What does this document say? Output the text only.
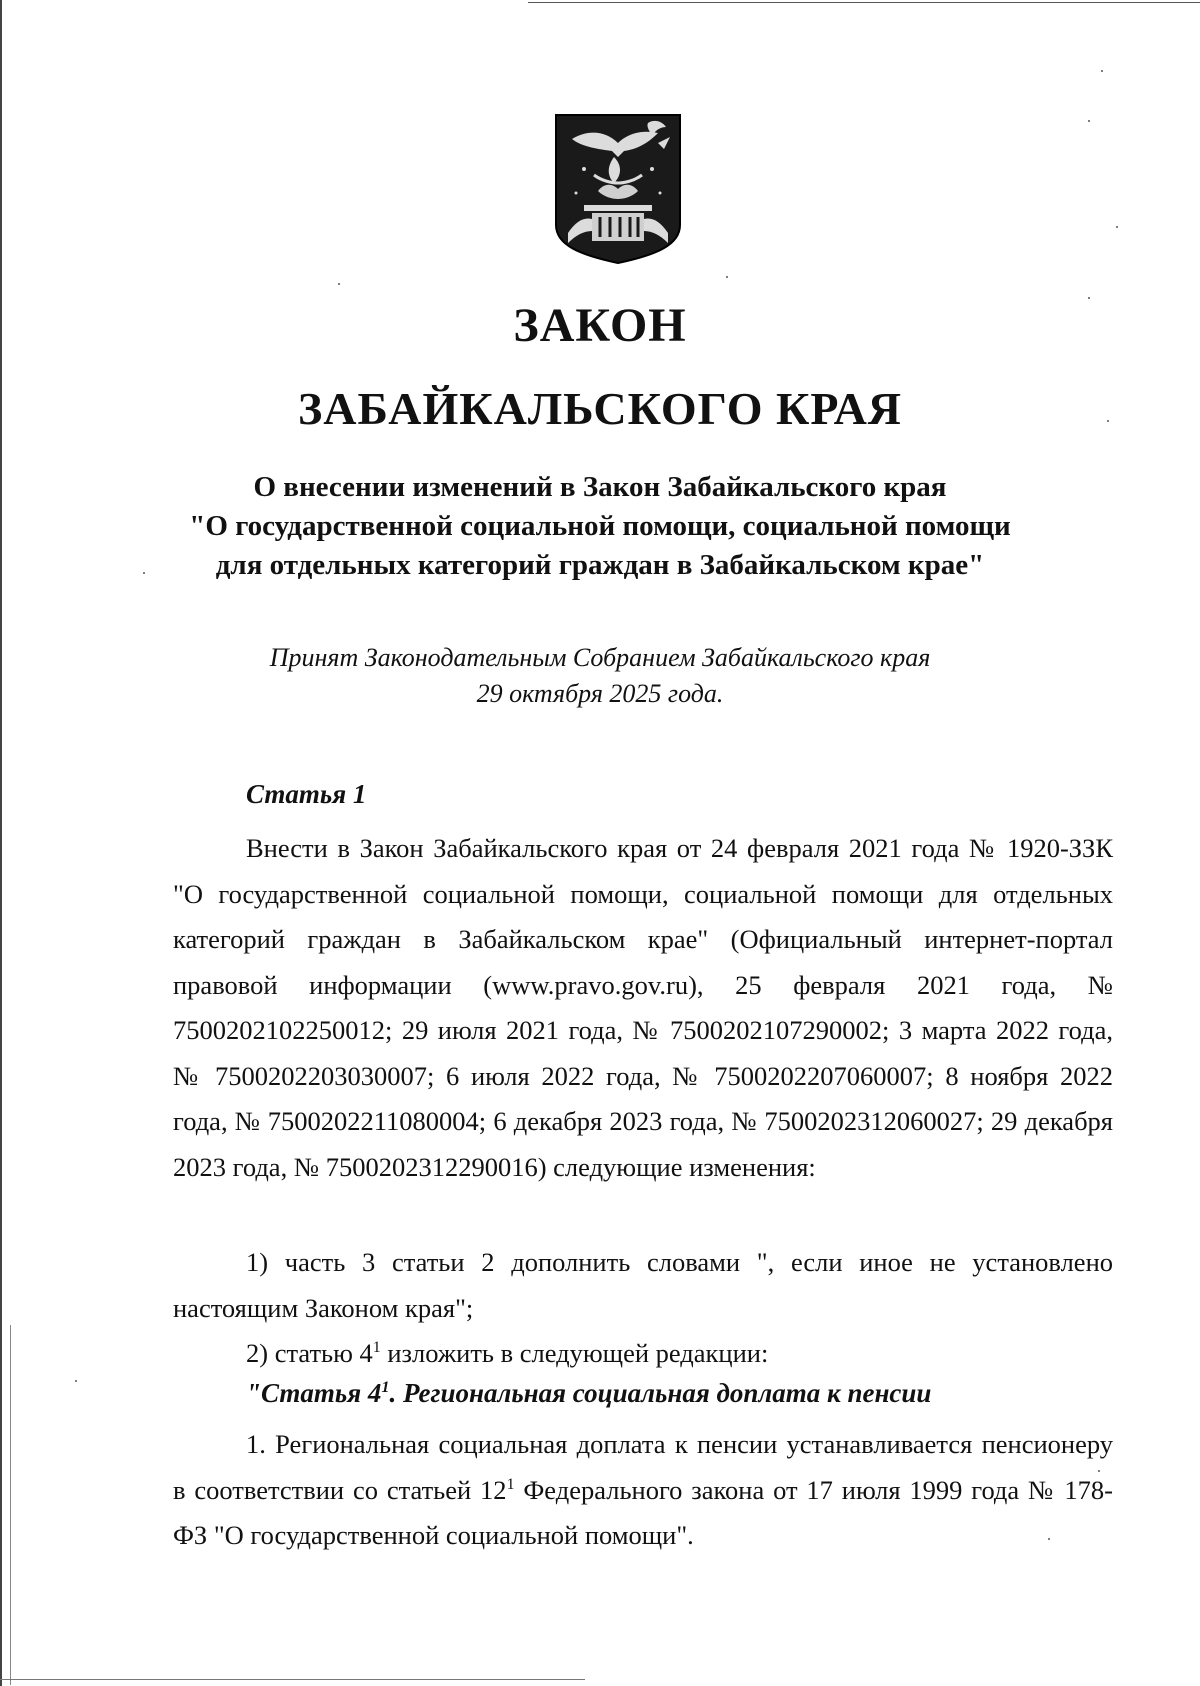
ЗАКОН
ЗАБАЙКАЛЬСКОГО КРАЯ
О внесении изменений в Закон Забайкальского края
"О государственной социальной помощи, социальной помощи
для отдельных категорий граждан в Забайкальском крае"
Принят Законодательным Собранием Забайкальского края
29 октября 2025 года.
Статья 1

Внести в Закон Забайкальского края от 24 февраля 2021 года № 1920-ЗЗК "О государственной социальной помощи, социальной помощи для отдельных категорий граждан в Забайкальском крае" (Официальный интернет-портал правовой информации (www.pravo.gov.ru), 25 февраля 2021 года, № 7500202102250012; 29 июля 2021 года, № 7500202107290002; 3 марта 2022 года, № 7500202203030007; 6 июля 2022 года, № 7500202207060007; 8 ноября 2022 года, № 7500202211080004; 6 декабря 2023 года, № 7500202312060027; 29 декабря 2023 года, № 7500202312290016) следующие изменения:

1) часть 3 статьи 2 дополнить словами ", если иное не установлено настоящим Законом края";

2) статью $4^1$ изложить в следующей редакции:

"Статья $4^1$. Региональная социальная доплата к пенсии

1. Региональная социальная доплата к пенсии устанавливается пенсионеру в соответствии со статьей $12^1$ Федерального закона от 17 июля 1999 года № 178-ФЗ "О государственной социальной помощи".
